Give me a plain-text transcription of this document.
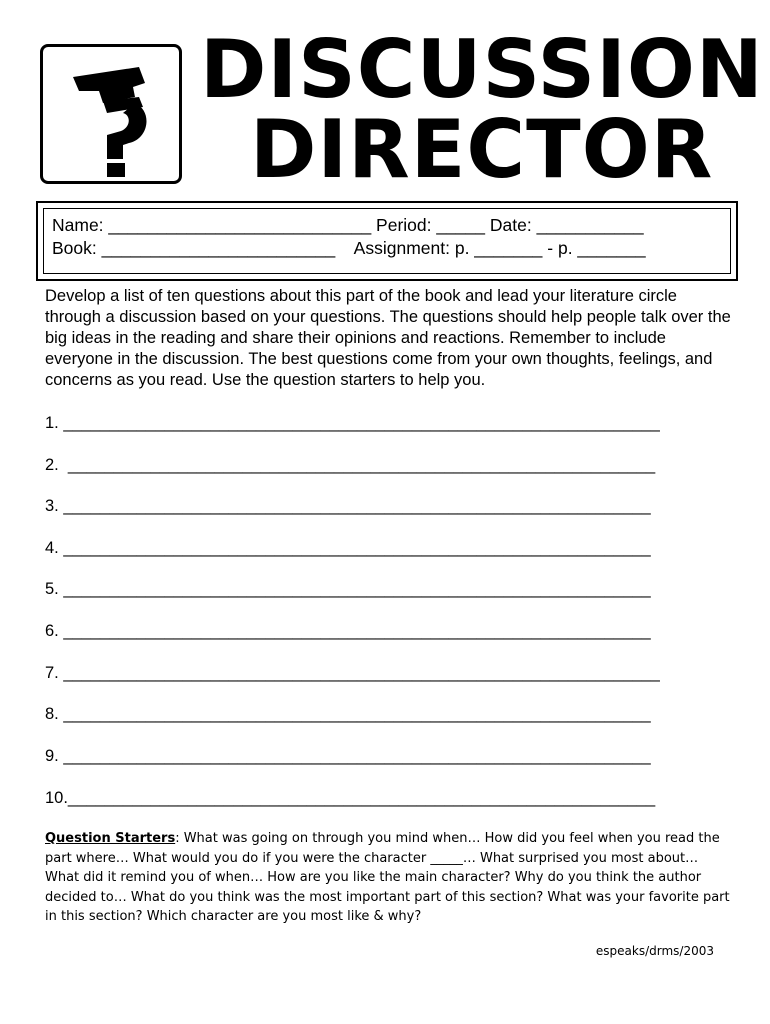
DISCUSSION
DIRECTOR
Name: ___________________________ Period: _____ Date: ___________
Book: ________________________    Assignment: p. _______ - p. _______
Develop a list of ten questions about this part of the book and lead your literature circle through a discussion based on your questions. The questions should help people talk over the big ideas in the reading and share their opinions and reactions. Remember to include everyone in the discussion. The best questions come from your own thoughts, feelings, and concerns as you read. Use the question starters to help you.
1. _________________________________________________________________
2.  ________________________________________________________________
3. ________________________________________________________________
4. ________________________________________________________________
5. ________________________________________________________________
6. ________________________________________________________________
7. _________________________________________________________________
8. ________________________________________________________________
9. ________________________________________________________________
10.________________________________________________________________
Question Starters: What was going on through you mind when… How did you feel when you read the part where… What would you do if you were the character _____… What surprised you most about… What did it remind you of when… How are you like the main character? Why do you think the author decided to… What do you think was the most important part of this section? What was your favorite part in this section? Which character are you most like & why?
espeaks/drms/2003
